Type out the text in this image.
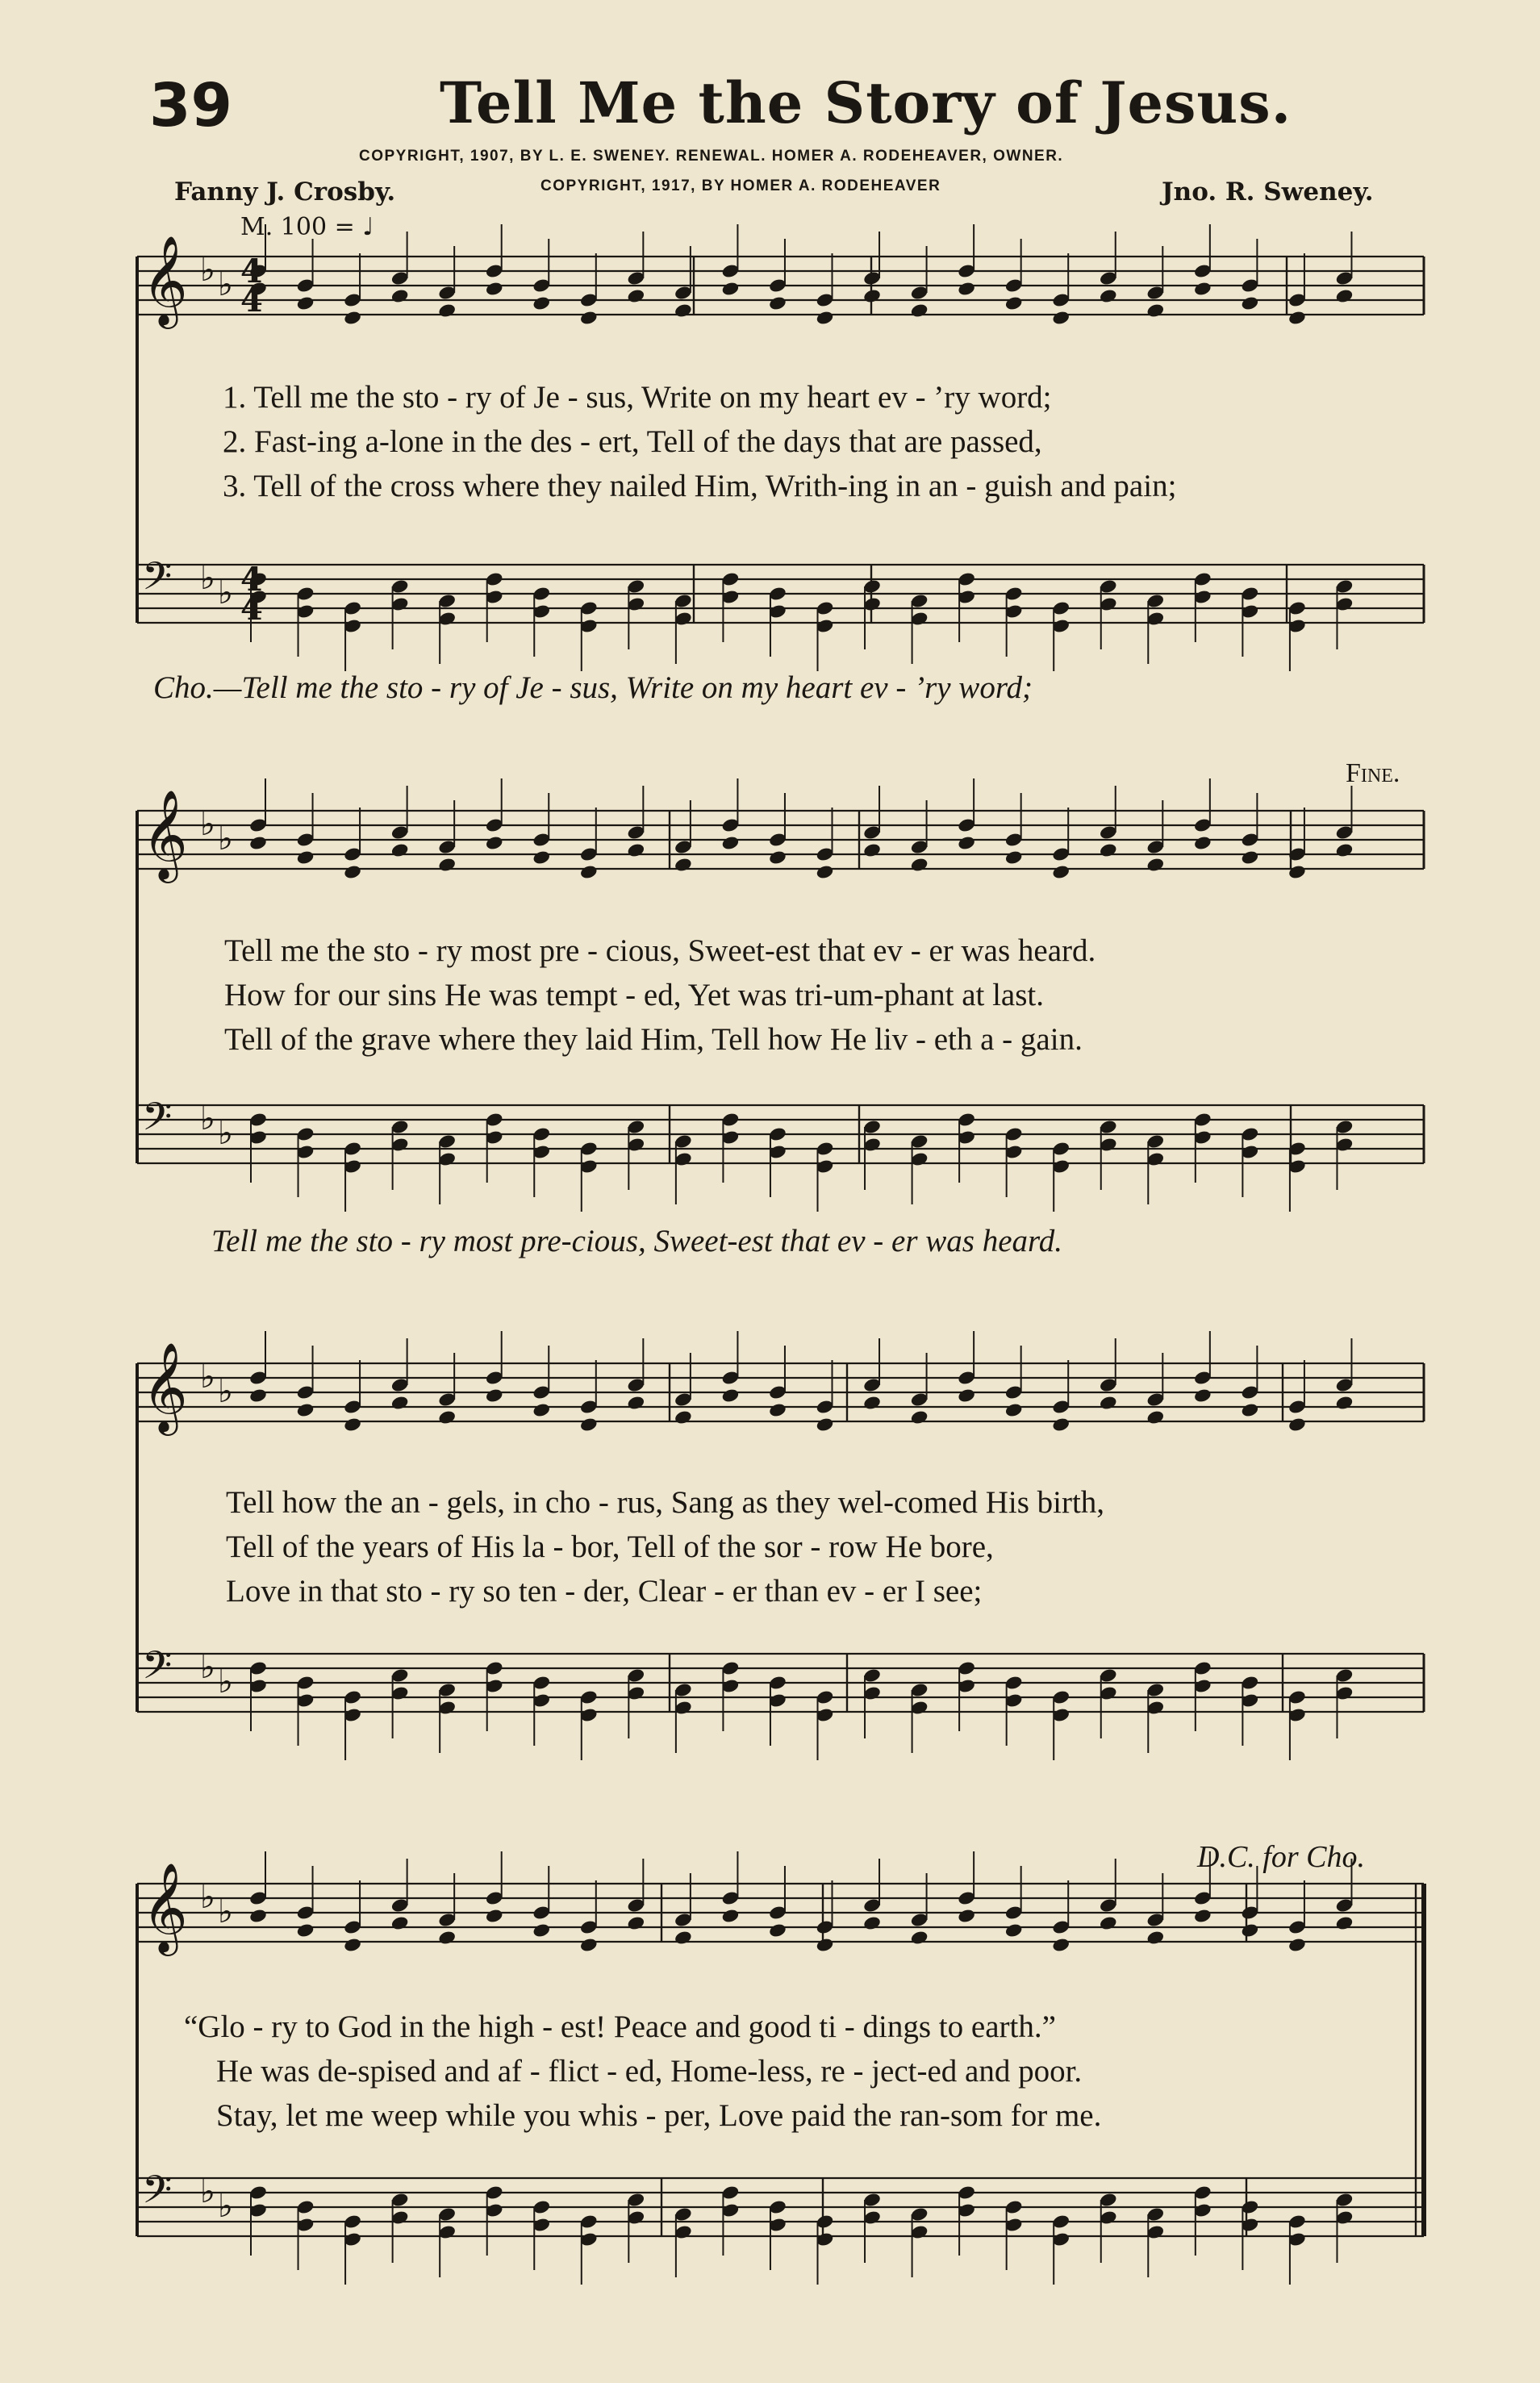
39	Tell Me the Story of Jesus.
COPYRIGHT, 1907, BY L. E. SWENEY. RENEWAL. HOMER A. RODEHEAVER, OWNER.
COPYRIGHT, 1917, BY HOMER A. RODEHEAVER
Fanny J. Crosby.	Jno. R. Sweney.
M. 100 = ♩
Fine.
D.C. for Cho.
1. Tell me the sto - ry of Je - sus, Write on my heart ev - ’ry word;
2. Fast-ing a-lone in the des - ert, Tell of the days that are passed,
3. Tell of the cross where they nailed Him, Writh-ing in an - guish and pain;
Cho.—Tell me the sto - ry of Je - sus, Write on my heart ev - ’ry word;
Tell me the sto - ry most pre - cious, Sweet-est that ev - er was heard.
How for our sins He was tempt - ed, Yet was tri-um-phant at last.
Tell of the grave where they laid Him, Tell how He liv - eth a - gain.
Tell me the sto - ry most pre-cious, Sweet-est that ev - er was heard.
Tell how the an - gels, in cho - rus, Sang as they wel-comed His birth,
Tell of the years of His la - bor, Tell of the sor - row He bore,
Love in that sto - ry so ten - der, Clear - er than ev - er I see;
“Glo - ry to God in the high - est! Peace and good ti - dings to earth.”
He was de-spised and af - flict - ed, Home-less, re - ject-ed and poor.
Stay, let me weep while you whis - per, Love paid the ran-som for me.
𝄞 ♭ ♭
𝄢 ♭ ♭
4
4
4
4
𝄞 ♭ ♭
𝄢 ♭ ♭
𝄞 ♭ ♭
𝄢 ♭ ♭
𝄞 ♭ ♭
𝄢 ♭ ♭
